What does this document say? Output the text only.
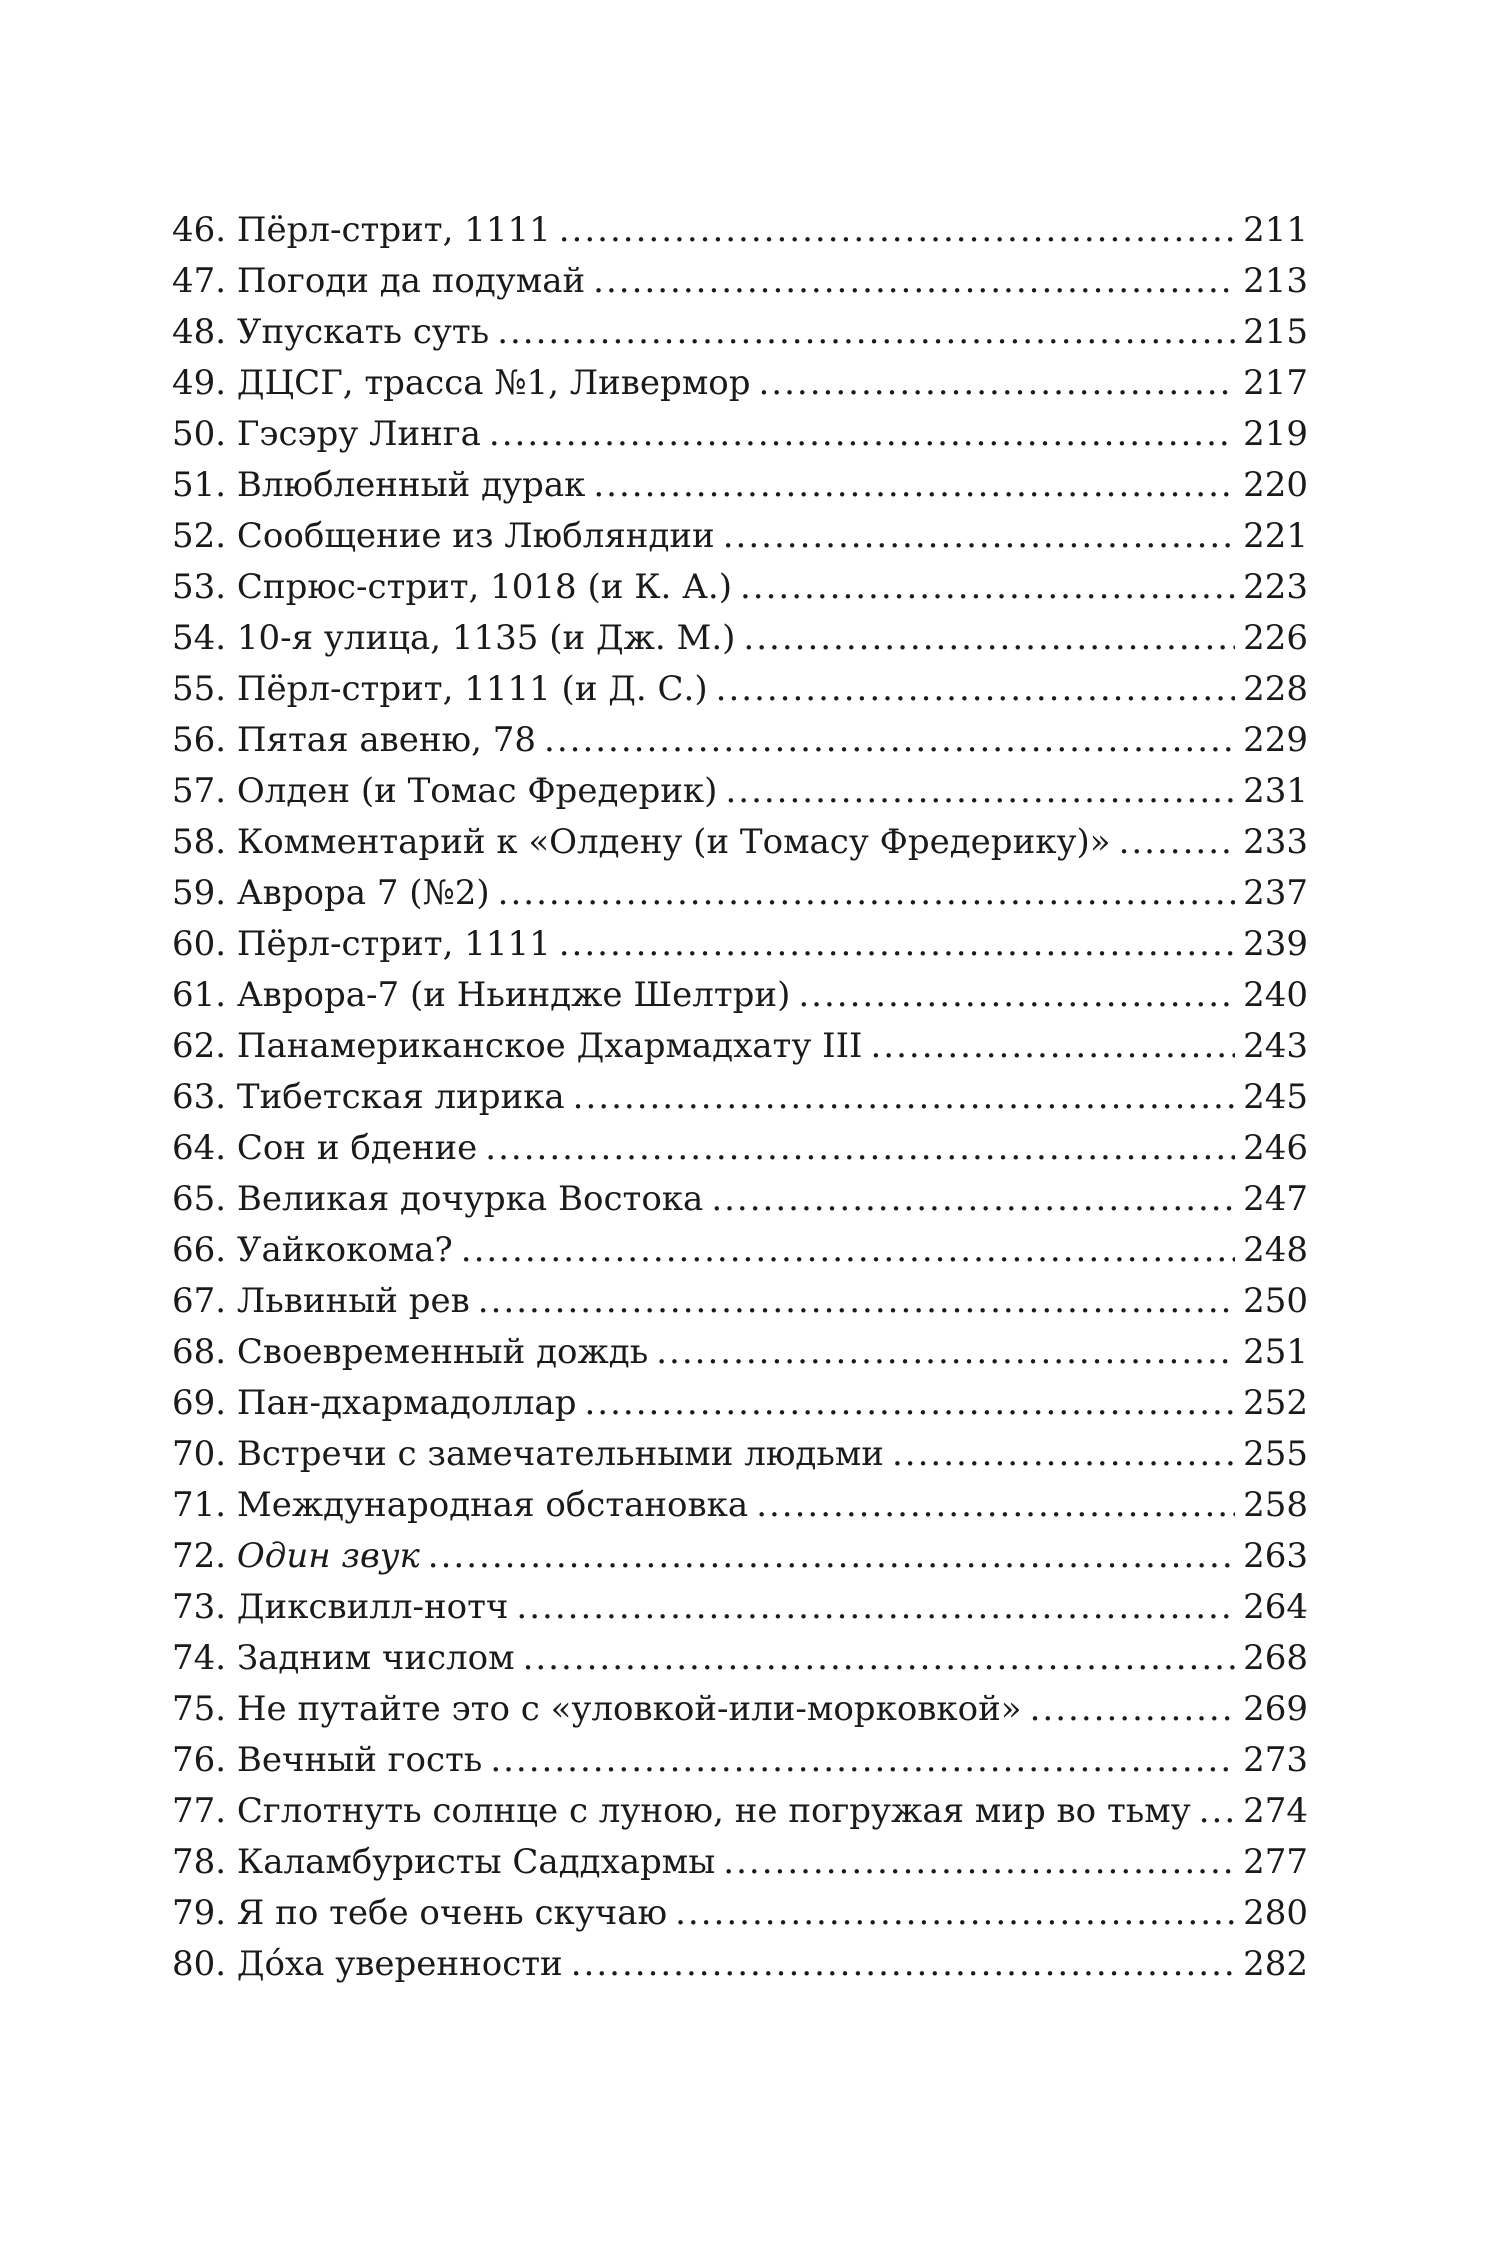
46. Пёрл-стрит, 1111 .....	211
47. Погоди да подумай .....	213
48. Упускать суть .....	215
49. ДЦСГ, трасса №1, Ливермор .....	217
50. Гэсэру Линга .....	219
51. Влюбленный дурак .....	220
52. Сообщение из Любляндии .....	221
53. Спрюс-стрит, 1018 (и К. А.) .....	223
54. 10-я улица, 1135 (и Дж. М.) .....	226
55. Пёрл-стрит, 1111 (и Д. С.) .....	228
56. Пятая авеню, 78 .....	229
57. Олден (и Томас Фредерик) .....	231
58. Комментарий к «Олдену (и Томасу Фредерику)» .....	233
59. Аврора 7 (№2) .....	237
60. Пёрл-стрит, 1111 .....	239
61. Аврора-7 (и Ньиндже Шелтри) .....	240
62. Панамериканское Дхармадхату III .....	243
63. Тибетская лирика .....	245
64. Сон и бдение .....	246
65. Великая дочурка Востока .....	247
66. Уайкокома? .....	248
67. Львиный рев .....	250
68. Своевременный дождь .....	251
69. Пан-дхармадоллар .....	252
70. Встречи с замечательными людьми .....	255
71. Международная обстановка .....	258
72. Один звук .....	263
73. Диксвилл-нотч .....	264
74. Задним числом .....	268
75. Не путайте это с «уловкой-или-морковкой» .....	269
76. Вечный гость .....	273
77. Сглотнуть солнце с луною, не погружая мир во тьму ..... 274
78. Каламбуристы Саддхармы .....	277
79. Я по тебе очень скучаю .....	280
80. До́ха уверенности .....	282
